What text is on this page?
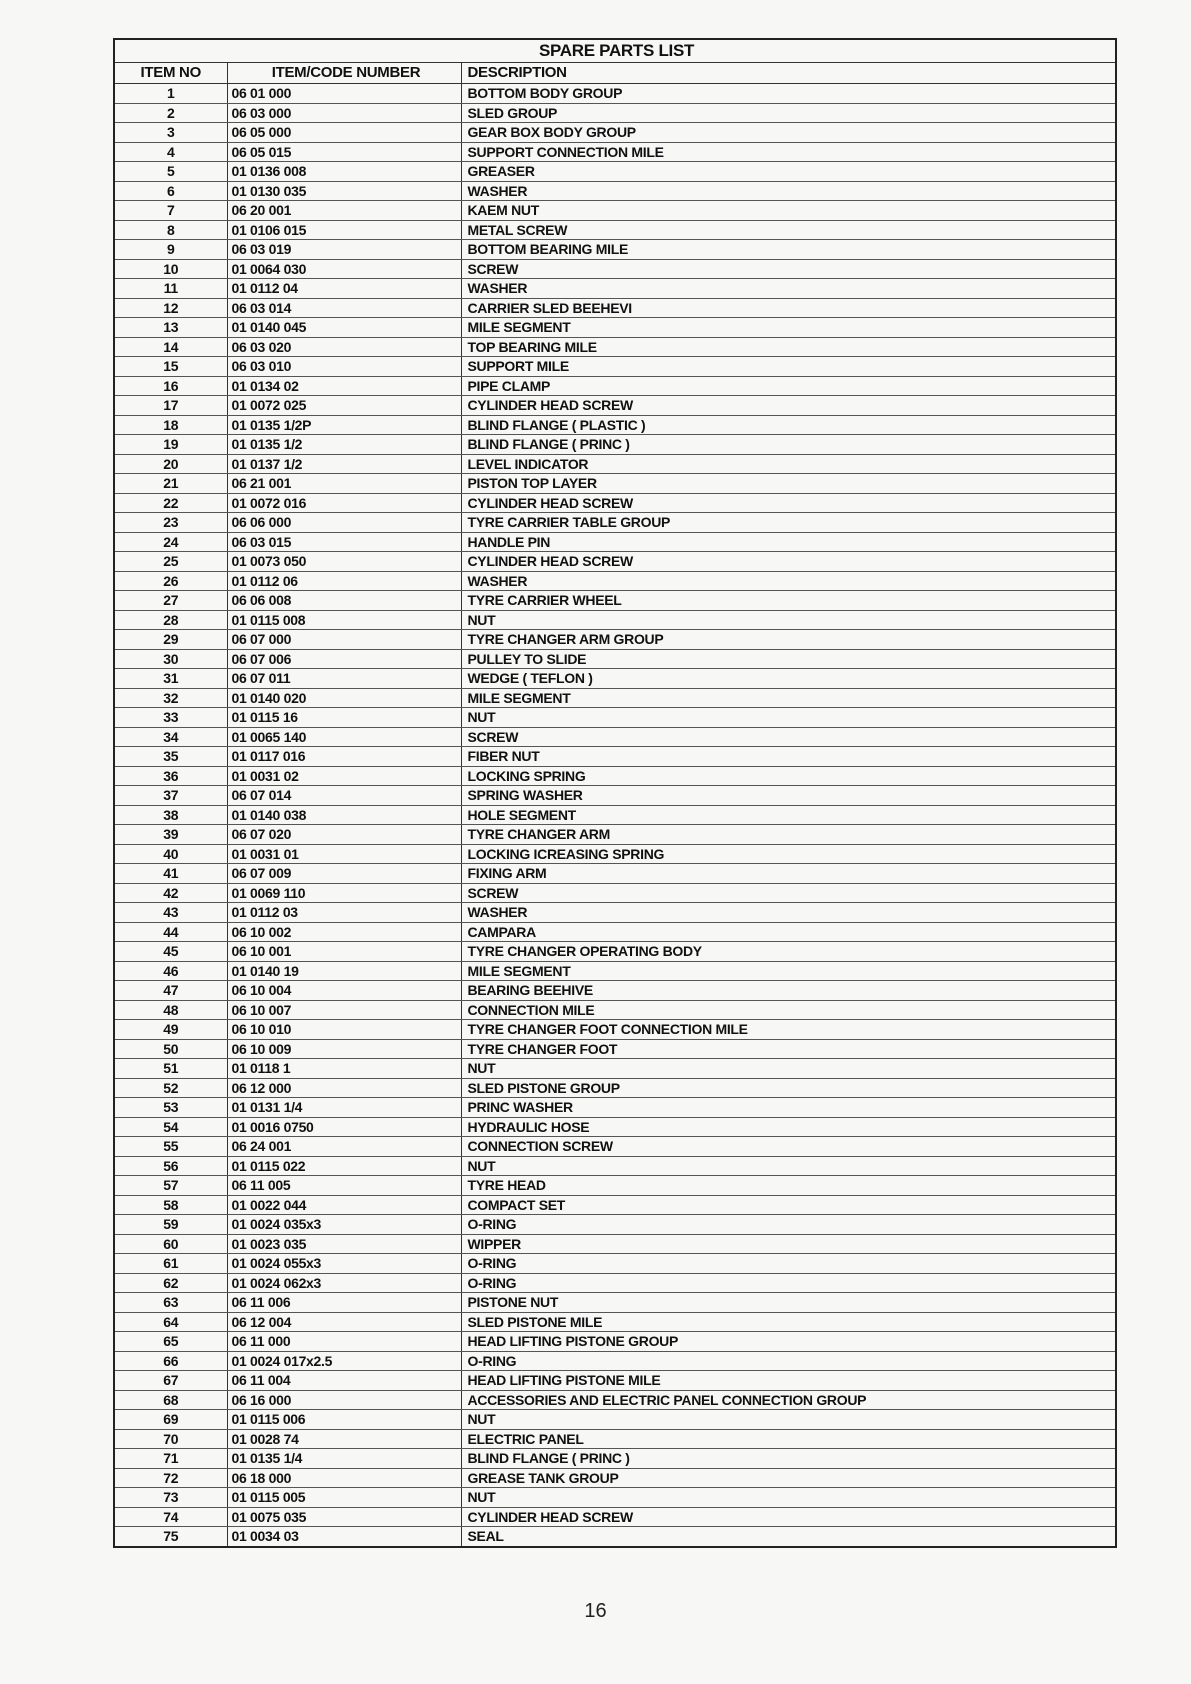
SPARE PARTS LIST		
ITEM NO	ITEM/CODE NUMBER	DESCRIPTION
1	06 01 000	BOTTOM BODY GROUP
2	06 03 000	SLED GROUP
3	06 05 000	GEAR BOX BODY GROUP
4	06 05 015	SUPPORT CONNECTION MILE
5	01 0136 008	GREASER
6	01 0130 035	WASHER
7	06 20 001	KAEM NUT
8	01 0106 015	METAL SCREW
9	06 03 019	BOTTOM BEARING MILE
10	01 0064 030	SCREW
11	01 0112 04	WASHER
12	06 03 014	CARRIER SLED BEEHEVI
13	01 0140 045	MILE SEGMENT
14	06 03 020	TOP BEARING MILE
15	06 03 010	SUPPORT MILE
16	01 0134 02	PIPE CLAMP
17	01 0072 025	CYLINDER HEAD SCREW
18	01 0135 1/2P	BLIND FLANGE ( PLASTIC )
19	01 0135 1/2	BLIND FLANGE ( PRINC )
20	01 0137 1/2	LEVEL INDICATOR
21	06 21 001	PISTON TOP LAYER
22	01 0072 016	CYLINDER HEAD SCREW
23	06 06 000	TYRE CARRIER TABLE GROUP
24	06 03 015	HANDLE PIN
25	01 0073 050	CYLINDER HEAD SCREW
26	01 0112 06	WASHER
27	06 06 008	TYRE CARRIER WHEEL
28	01 0115 008	NUT
29	06 07 000	TYRE CHANGER ARM GROUP
30	06 07 006	PULLEY TO SLIDE
31	06 07 011	WEDGE ( TEFLON )
32	01 0140 020	MILE SEGMENT
33	01 0115 16	NUT
34	01 0065 140	SCREW
35	01 0117 016	FIBER NUT
36	01 0031 02	LOCKING SPRING
37	06 07 014	SPRING WASHER
38	01 0140 038	HOLE SEGMENT
39	06 07 020	TYRE CHANGER ARM
40	01 0031 01	LOCKING ICREASING SPRING
41	06 07 009	FIXING ARM
42	01 0069 110	SCREW
43	01 0112 03	WASHER
44	06 10 002	CAMPARA
45	06 10 001	TYRE CHANGER OPERATING BODY
46	01 0140 19	MILE SEGMENT
47	06 10 004	BEARING BEEHIVE
48	06 10 007	CONNECTION MILE
49	06 10 010	TYRE CHANGER FOOT CONNECTION MILE
50	06 10 009	TYRE CHANGER FOOT
51	01 0118 1	NUT
52	06 12 000	SLED PISTONE GROUP
53	01 0131 1/4	PRINC WASHER
54	01 0016 0750	HYDRAULIC HOSE
55	06 24 001	CONNECTION SCREW
56	01 0115 022	NUT
57	06 11 005	TYRE HEAD
58	01 0022 044	COMPACT SET
59	01 0024 035x3	O-RING
60	01 0023 035	WIPPER
61	01 0024 055x3	O-RING
62	01 0024 062x3	O-RING
63	06 11 006	PISTONE NUT
64	06 12 004	SLED PISTONE MILE
65	06 11 000	HEAD LIFTING PISTONE GROUP
66	01 0024 017x2.5	O-RING
67	06 11 004	HEAD LIFTING PISTONE MILE
68	06 16 000	ACCESSORIES AND ELECTRIC PANEL CONNECTION GROUP
69	01 0115 006	NUT
70	01 0028 74	ELECTRIC PANEL
71	01 0135 1/4	BLIND FLANGE ( PRINC )
72	06 18 000	GREASE TANK GROUP
73	01 0115 005	NUT
74	01 0075 035	CYLINDER HEAD SCREW
75	01 0034 03	SEAL
16
